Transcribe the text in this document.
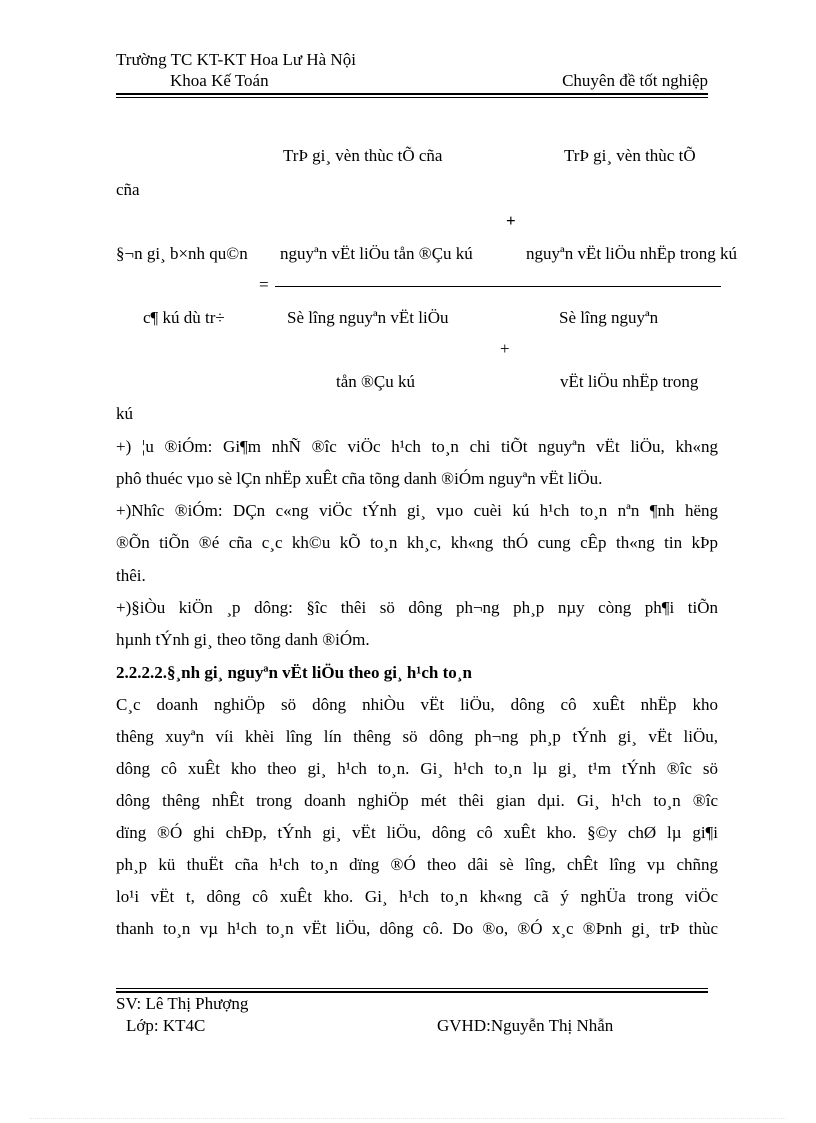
Trường TC KT-KT Hoa Lư Hà Nội
Khoa Kế Toán	Chuyên đề tốt nghiệp
TrÞ gi¸ vèn thùc tÕ cña	TrÞ gi¸ vèn thùc tÕ
cña
+
§¬n gi¸ b×nh qu©n nguyªn vËt liÖu tån ®Çu kú	nguyªn vËt liÖu nhËp trong kú
=
c¶ kú dù tr÷	Sè lîng nguyªn vËt liÖu	Sè lîng nguyªn
+
tån ®Çu kú	vËt liÖu nhËp trong
kú
+) ¦u ®iÓm: Gi¶m nhÑ ®îc viÖc h¹ch to¸n chi tiÕt nguyªn vËt liÖu, kh«ng
phô thuéc vµo sè lÇn nhËp xuÊt cña tõng danh ®iÓm nguyªn vËt liÖu.
+)Nhîc ®iÓm: DÇn c«ng viÖc tÝnh gi¸ vµo cuèi kú h¹ch to¸n nªn ¶nh hëng
®Õn tiÕn ®é cña c¸c kh©u kÕ to¸n kh¸c, kh«ng thÓ cung cÊp th«ng tin kÞp
thêi.
+)§iÒu kiÖn ¸p dông: §îc thêi sö dông ph¬ng ph¸p nµy còng ph¶i tiÕn
hµnh tÝnh gi¸ theo tõng danh ®iÓm.
2.2.2.2.§¸nh gi¸ nguyªn vËt liÖu theo gi¸ h¹ch to¸n
C¸c doanh nghiÖp sö dông nhiÒu vËt liÖu, dông cô xuÊt nhËp kho
thêng xuyªn víi khèi lîng lín thêng sö dông ph¬ng ph¸p tÝnh gi¸ vËt liÖu,
dông cô xuÊt kho theo gi¸ h¹ch to¸n. Gi¸ h¹ch to¸n lµ gi¸ t¹m tÝnh ®îc sö
dông thêng nhÊt trong doanh nghiÖp mét thêi gian dµi. Gi¸ h¹ch to¸n ®îc
dïng ®Ó ghi chÐp, tÝnh gi¸ vËt liÖu, dông cô xuÊt kho. §©y chØ lµ gi¶i
ph¸p kü thuËt cña h¹ch to¸n dïng ®Ó theo dâi sè lîng, chÊt lîng vµ chñng
lo¹i vËt t, dông cô xuÊt kho. Gi¸ h¹ch to¸n kh«ng cã ý nghÜa trong viÖc
thanh to¸n vµ h¹ch to¸n vËt liÖu, dông cô. Do ®o, ®Ó x¸c ®Þnh gi¸ trÞ thùc
SV: Lê Thị Phượng
Lớp: KT4C	GVHD:Nguyễn Thị Nhẫn
